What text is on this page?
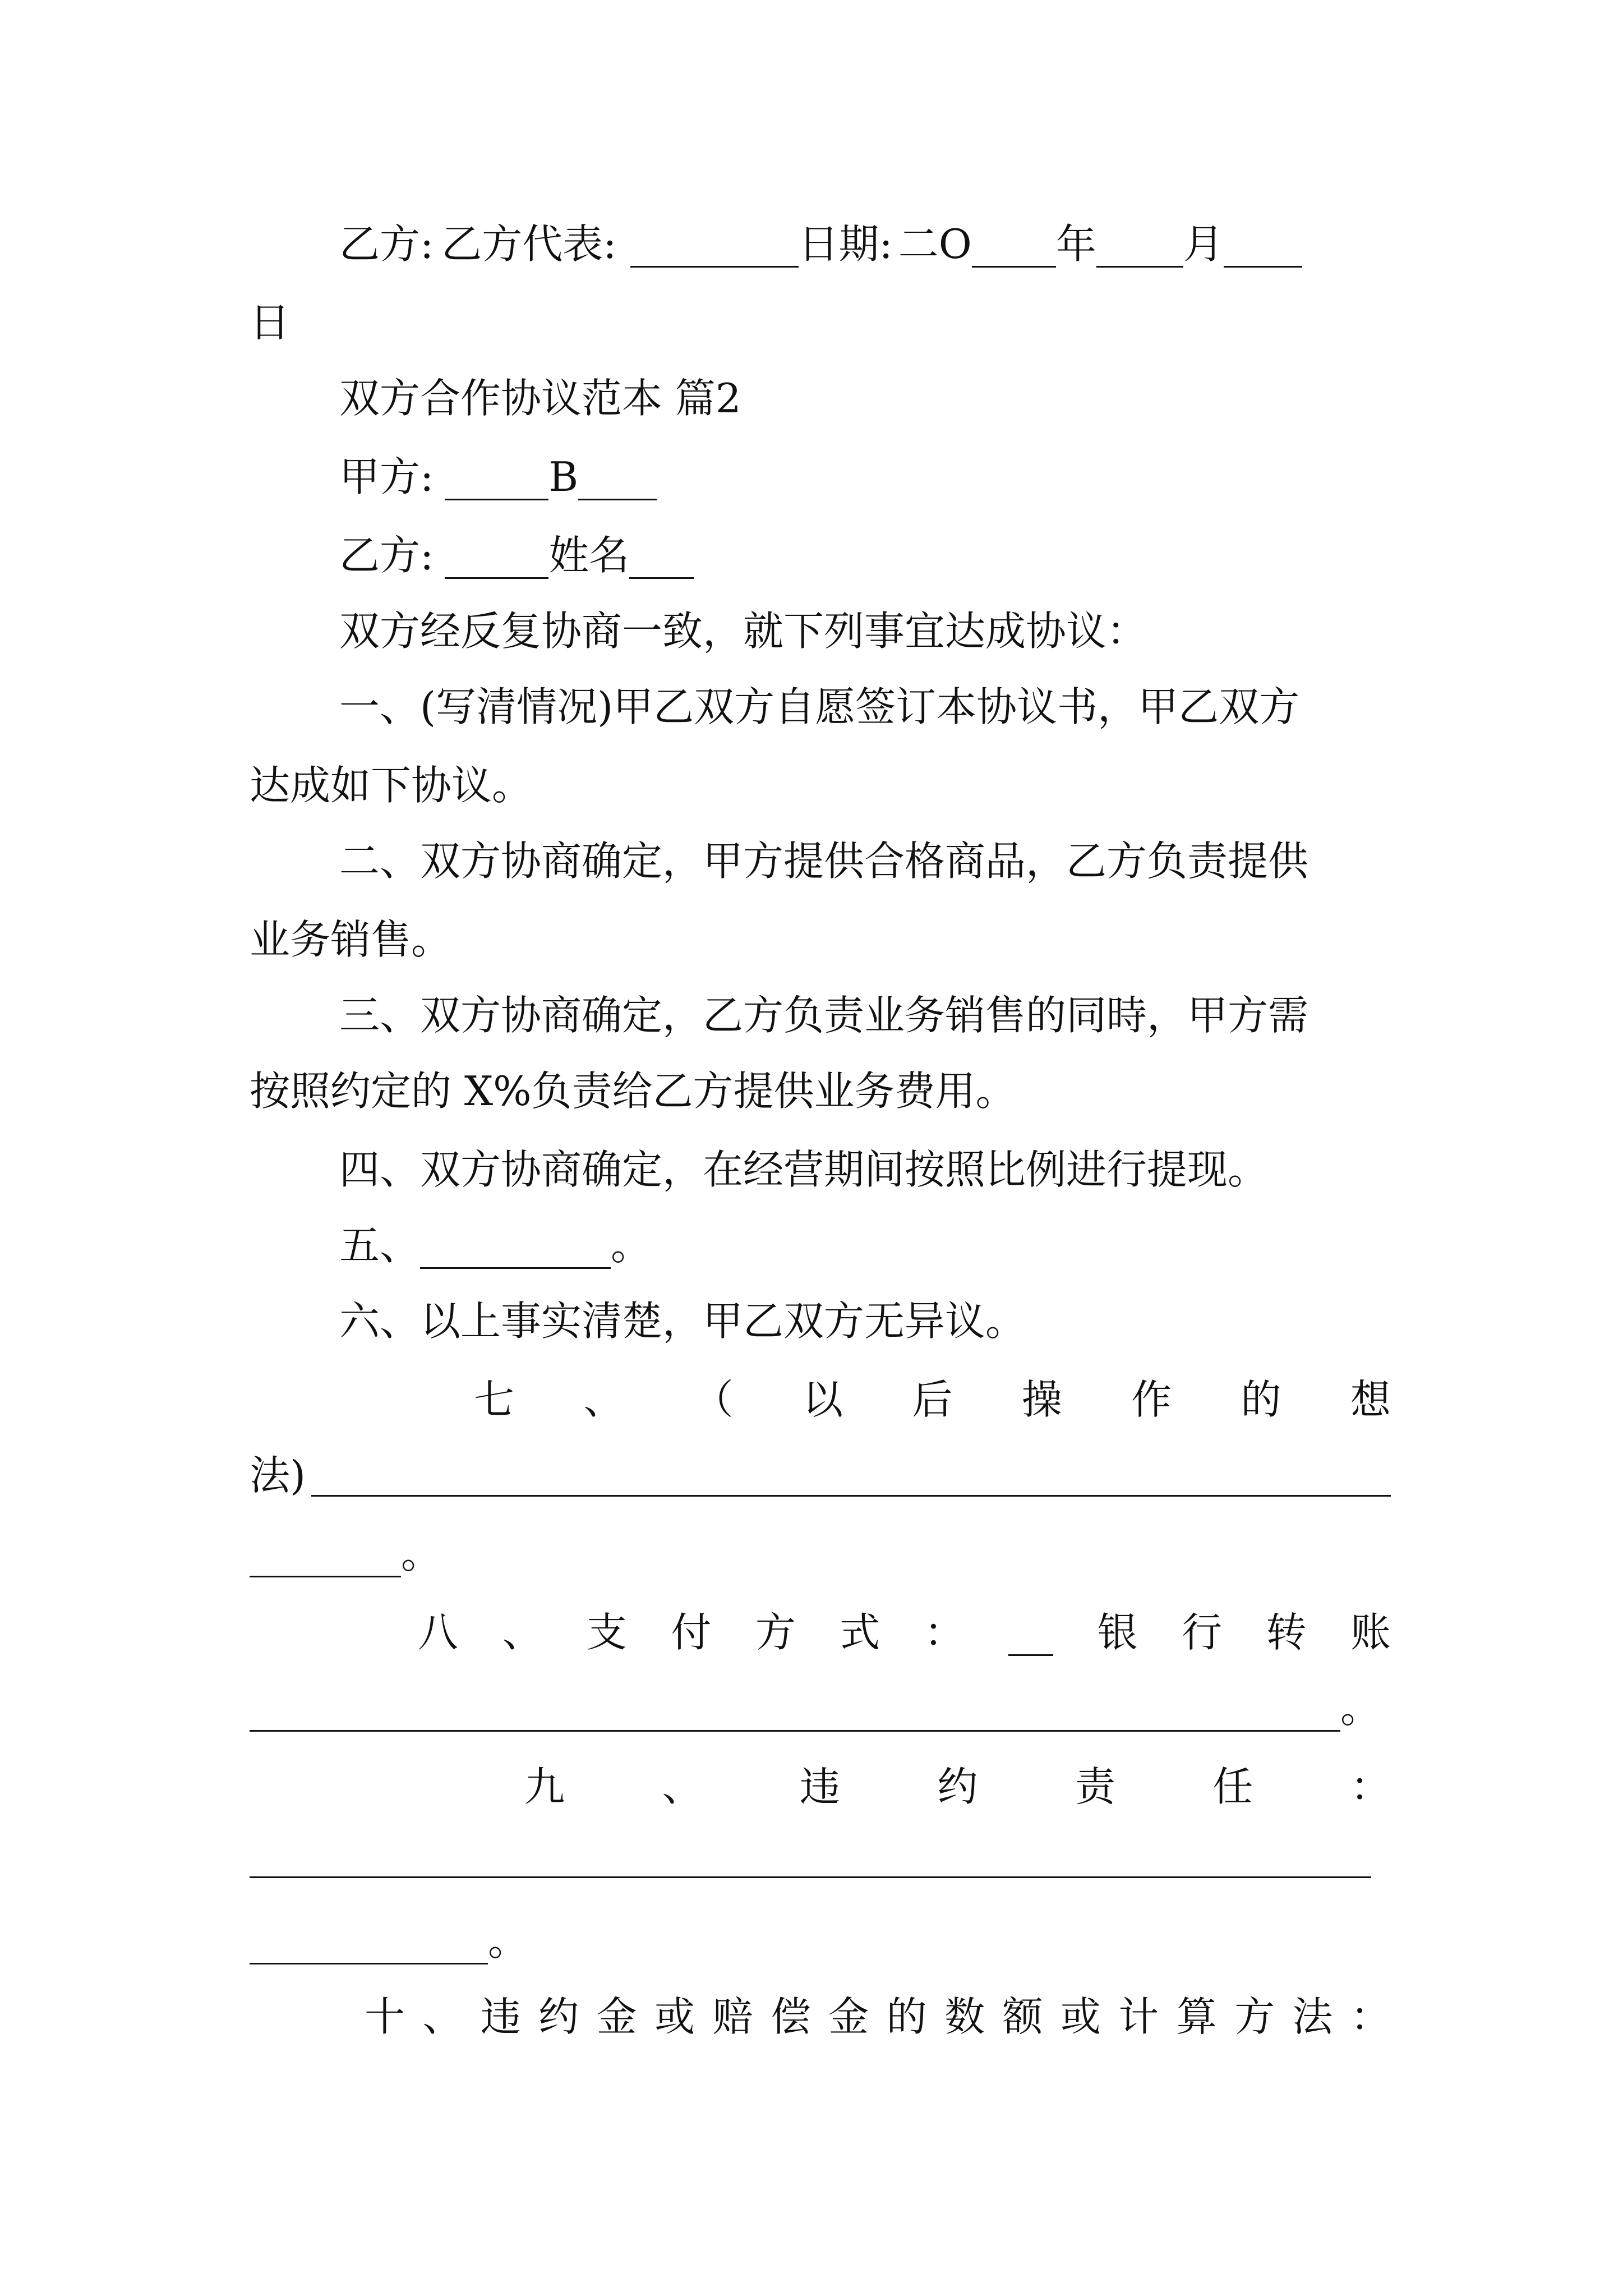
乙方: 乙方代表:	日期: 二O 年 月
日
双方合作协议范本 篇2
甲方:	B
乙方:	姓名
双方经反复协商一致，就下列事宜达成协议：
一、(写清情况)甲乙双方自愿签订本协议书，甲乙双方
达成如下协议。
二、双方协商确定，甲方提供合格商品，乙方负责提供
业务销售。
三、双方协商确定，乙方负责业务销售的同時，甲方需
按照约定的 X%负责给乙方提供业务费用。
四、双方协商确定，在经营期间按照比例进行提现。
五、	。
六、以上事实清楚，甲乙双方无异议。
七 、 （ 以 后 操 作 的 想
法)
。
八 、 支 付 方 式 ：	银 行 转 账
。
九 、 违 约 责 任 ：
。
十 、 违 约 金 或 赔 偿 金 的 数 额 或 计 算 方 法 ：
